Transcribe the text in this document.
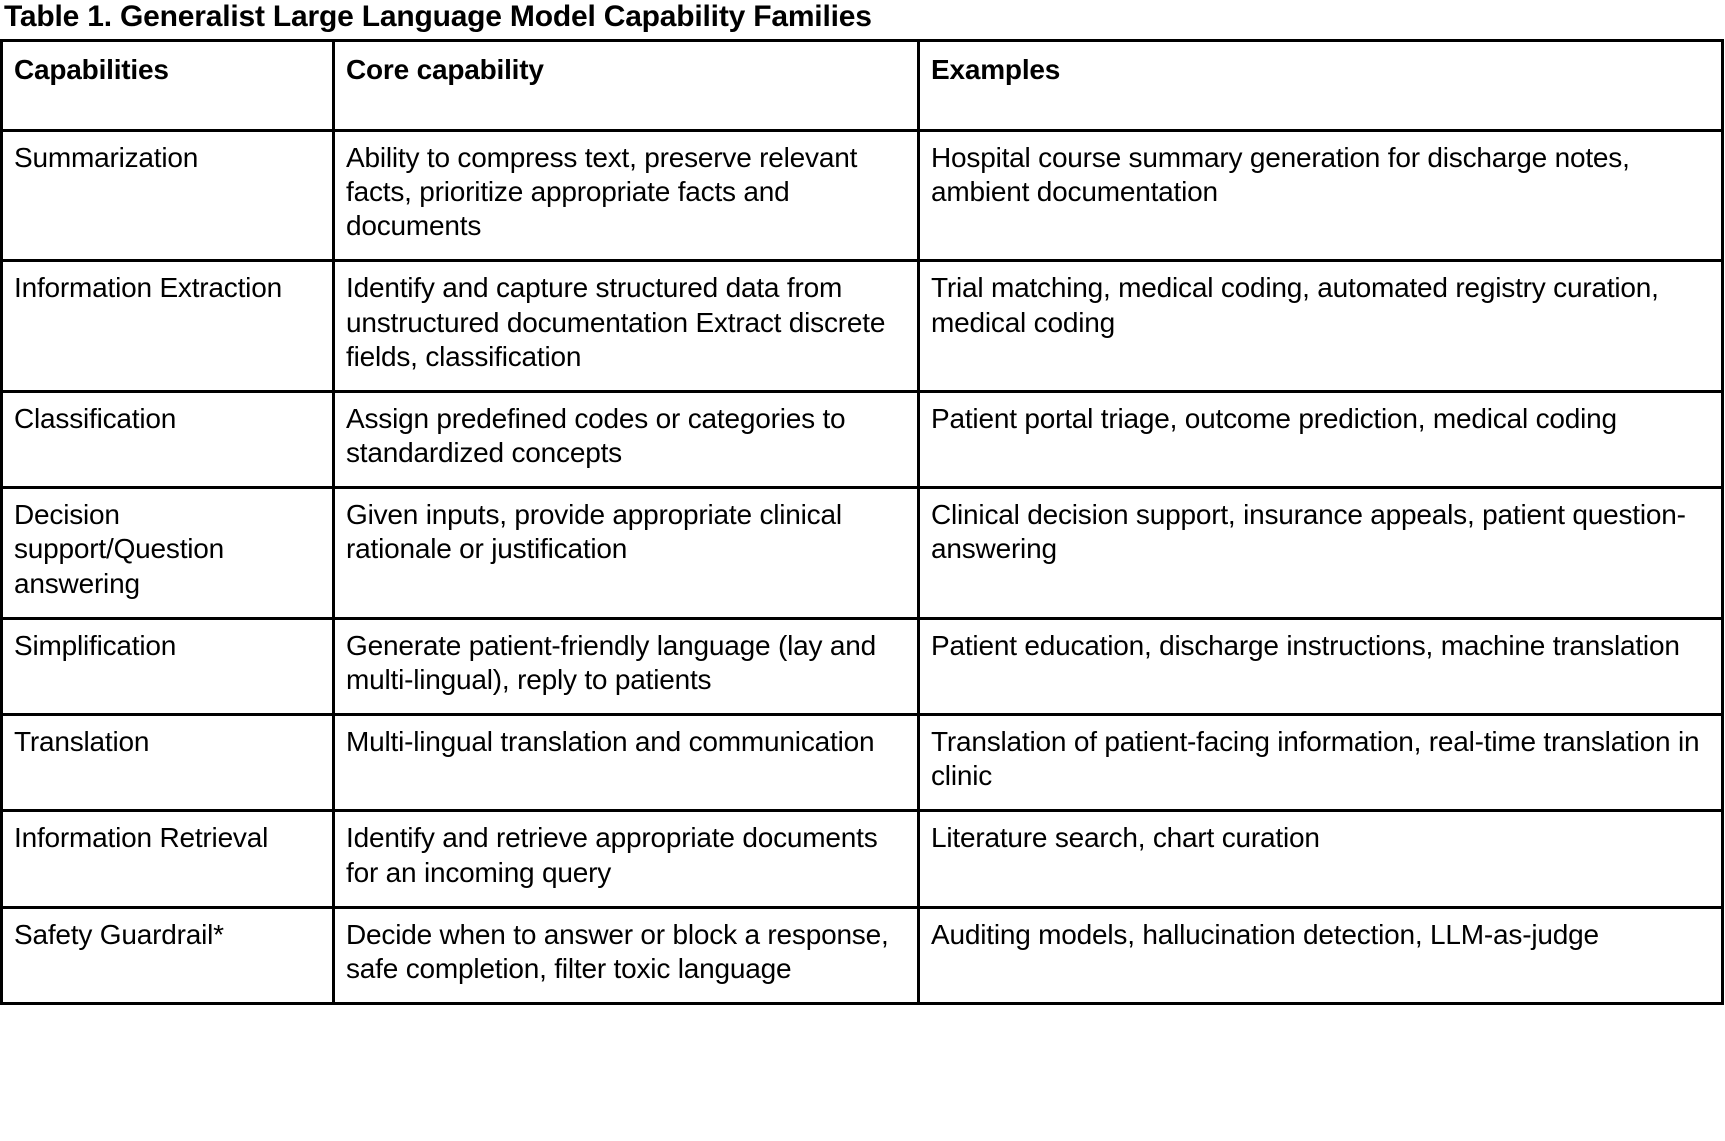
Table 1. Generalist Large Language Model Capability Families
Capabilities	Core capability	Examples
Summarization	Ability to compress text, preserve relevant facts, prioritize appropriate facts and documents	Hospital course summary generation for discharge notes, ambient documentation
Information Extraction	Identify and capture structured data from unstructured documentation Extract discrete fields, classification	Trial matching, medical coding, automated registry curation, medical coding
Classification	Assign predefined codes or categories to standardized concepts	Patient portal triage, outcome prediction, medical coding
Decision support/Question answering	Given inputs, provide appropriate clinical rationale or justification	Clinical decision support, insurance appeals, patient question-answering
Simplification	Generate patient-friendly language (lay and multi-lingual), reply to patients	Patient education, discharge instructions, machine translation
Translation	Multi-lingual translation and communication	Translation of patient-facing information, real-time translation in clinic
Information Retrieval	Identify and retrieve appropriate documents for an incoming query	Literature search, chart curation
Safety Guardrail*	Decide when to answer or block a response, safe completion, filter toxic language	Auditing models, hallucination detection, LLM-as-judge
